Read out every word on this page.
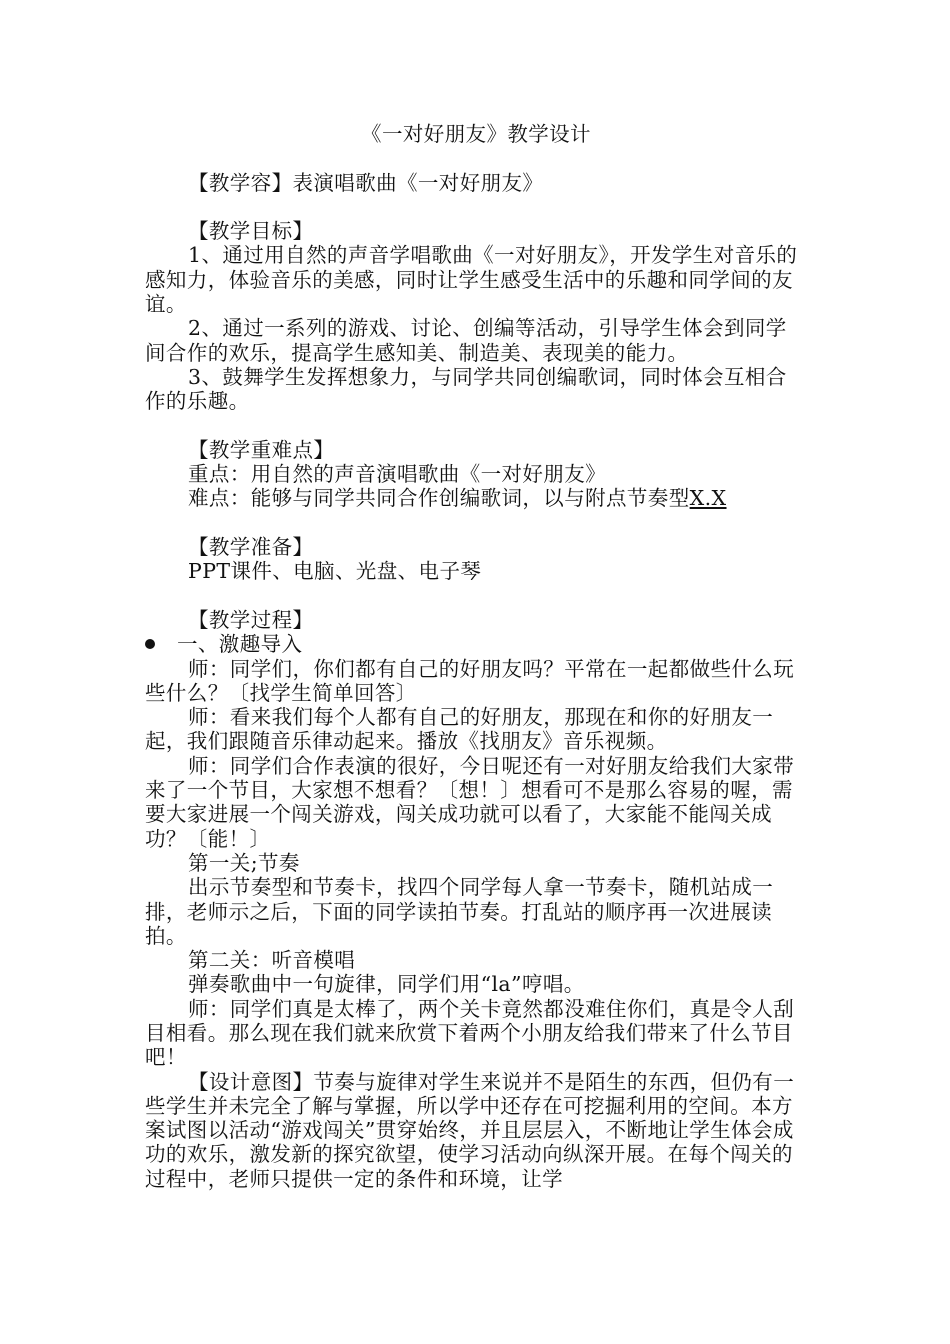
《一对好朋友》教学设计

【教学容】表演唱歌曲《一对好朋友》

【教学目标】

1、通过用自然的声音学唱歌曲《一对好朋友》，开发学生对音乐的感知力，体验音乐的美感，同时让学生感受生活中的乐趣和同学间的友谊。

2、通过一系列的游戏、讨论、创编等活动，引导学生体会到同学间合作的欢乐，提高学生感知美、制造美、表现美的能力。

3、鼓舞学生发挥想象力，与同学共同创编歌词，同时体会互相合作的乐趣。

【教学重难点】

重点：用自然的声音演唱歌曲《一对好朋友》

难点：能够与同学共同合作创编歌词，以与附点节奏型X.X

【教学准备】

PPT课件、电脑、光盘、电子琴

【教学过程】

一、激趣导入

师：同学们，你们都有自己的好朋友吗？平常在一起都做些什么玩些什么？〔找学生简单回答〕

师：看来我们每个人都有自己的好朋友，那现在和你的好朋友一起，我们跟随音乐律动起来。播放《找朋友》音乐视频。

师：同学们合作表演的很好，今日呢还有一对好朋友给我们大家带来了一个节目，大家想不想看？〔想！〕想看可不是那么容易的喔，需要大家进展一个闯关游戏，闯关成功就可以看了，大家能不能闯关成功？〔能！〕

第一关;节奏

出示节奏型和节奏卡，找四个同学每人拿一节奏卡，随机站成一排，老师示之后，下面的同学读拍节奏。打乱站的顺序再一次进展读拍。

第二关：听音模唱

弹奏歌曲中一句旋律，同学们用“la”哼唱。

师：同学们真是太棒了，两个关卡竟然都没难住你们，真是令人刮目相看。那么现在我们就来欣赏下着两个小朋友给我们带来了什么节目吧！

【设计意图】节奏与旋律对学生来说并不是陌生的东西，但仍有一些学生并未完全了解与掌握，所以学中还存在可挖掘利用的空间。本方案试图以活动“游戏闯关”贯穿始终，并且层层入，不断地让学生体会成功的欢乐，激发新的探究欲望，使学习活动向纵深开展。在每个闯关的过程中，老师只提供一定的条件和环境，让学
